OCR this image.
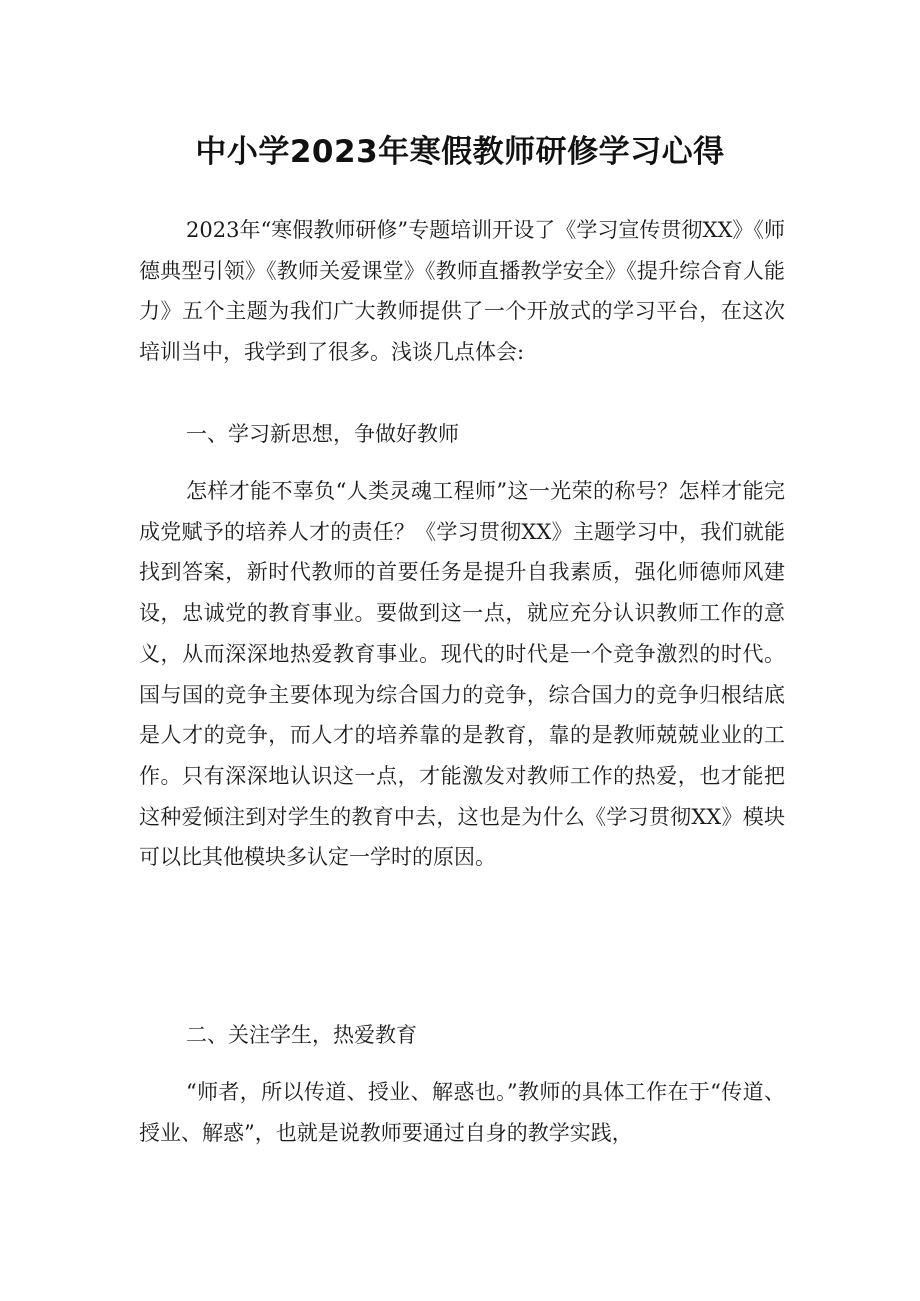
中小学2023年寒假教师研修学习心得

2023年“寒假教师研修”专题培训开设了《学习宣传贯彻XX》《师德典型引领》《教师关爱课堂》《教师直播教学安全》《提升综合育人能力》五个主题为我们广大教师提供了一个开放式的学习平台，在这次培训当中，我学到了很多。浅谈几点体会:

一、学习新思想，争做好教师

怎样才能不辜负“人类灵魂工程师”这一光荣的称号？怎样才能完成党赋予的培养人才的责任？《学习贯彻XX》主题学习中，我们就能找到答案，新时代教师的首要任务是提升自我素质，强化师德师风建设，忠诚党的教育事业。要做到这一点，就应充分认识教师工作的意义，从而深深地热爱教育事业。现代的时代是一个竞争激烈的时代。国与国的竞争主要体现为综合国力的竞争，综合国力的竞争归根结底是人才的竞争，而人才的培养靠的是教育，靠的是教师兢兢业业的工作。只有深深地认识这一点，才能激发对教师工作的热爱，也才能把这种爱倾注到对学生的教育中去，这也是为什么《学习贯彻XX》模块可以比其他模块多认定一学时的原因。

二、关注学生，热爱教育

“师者，所以传道、授业、解惑也。”教师的具体工作在于“传道、授业、解惑”，也就是说教师要通过自身的教学实践，
